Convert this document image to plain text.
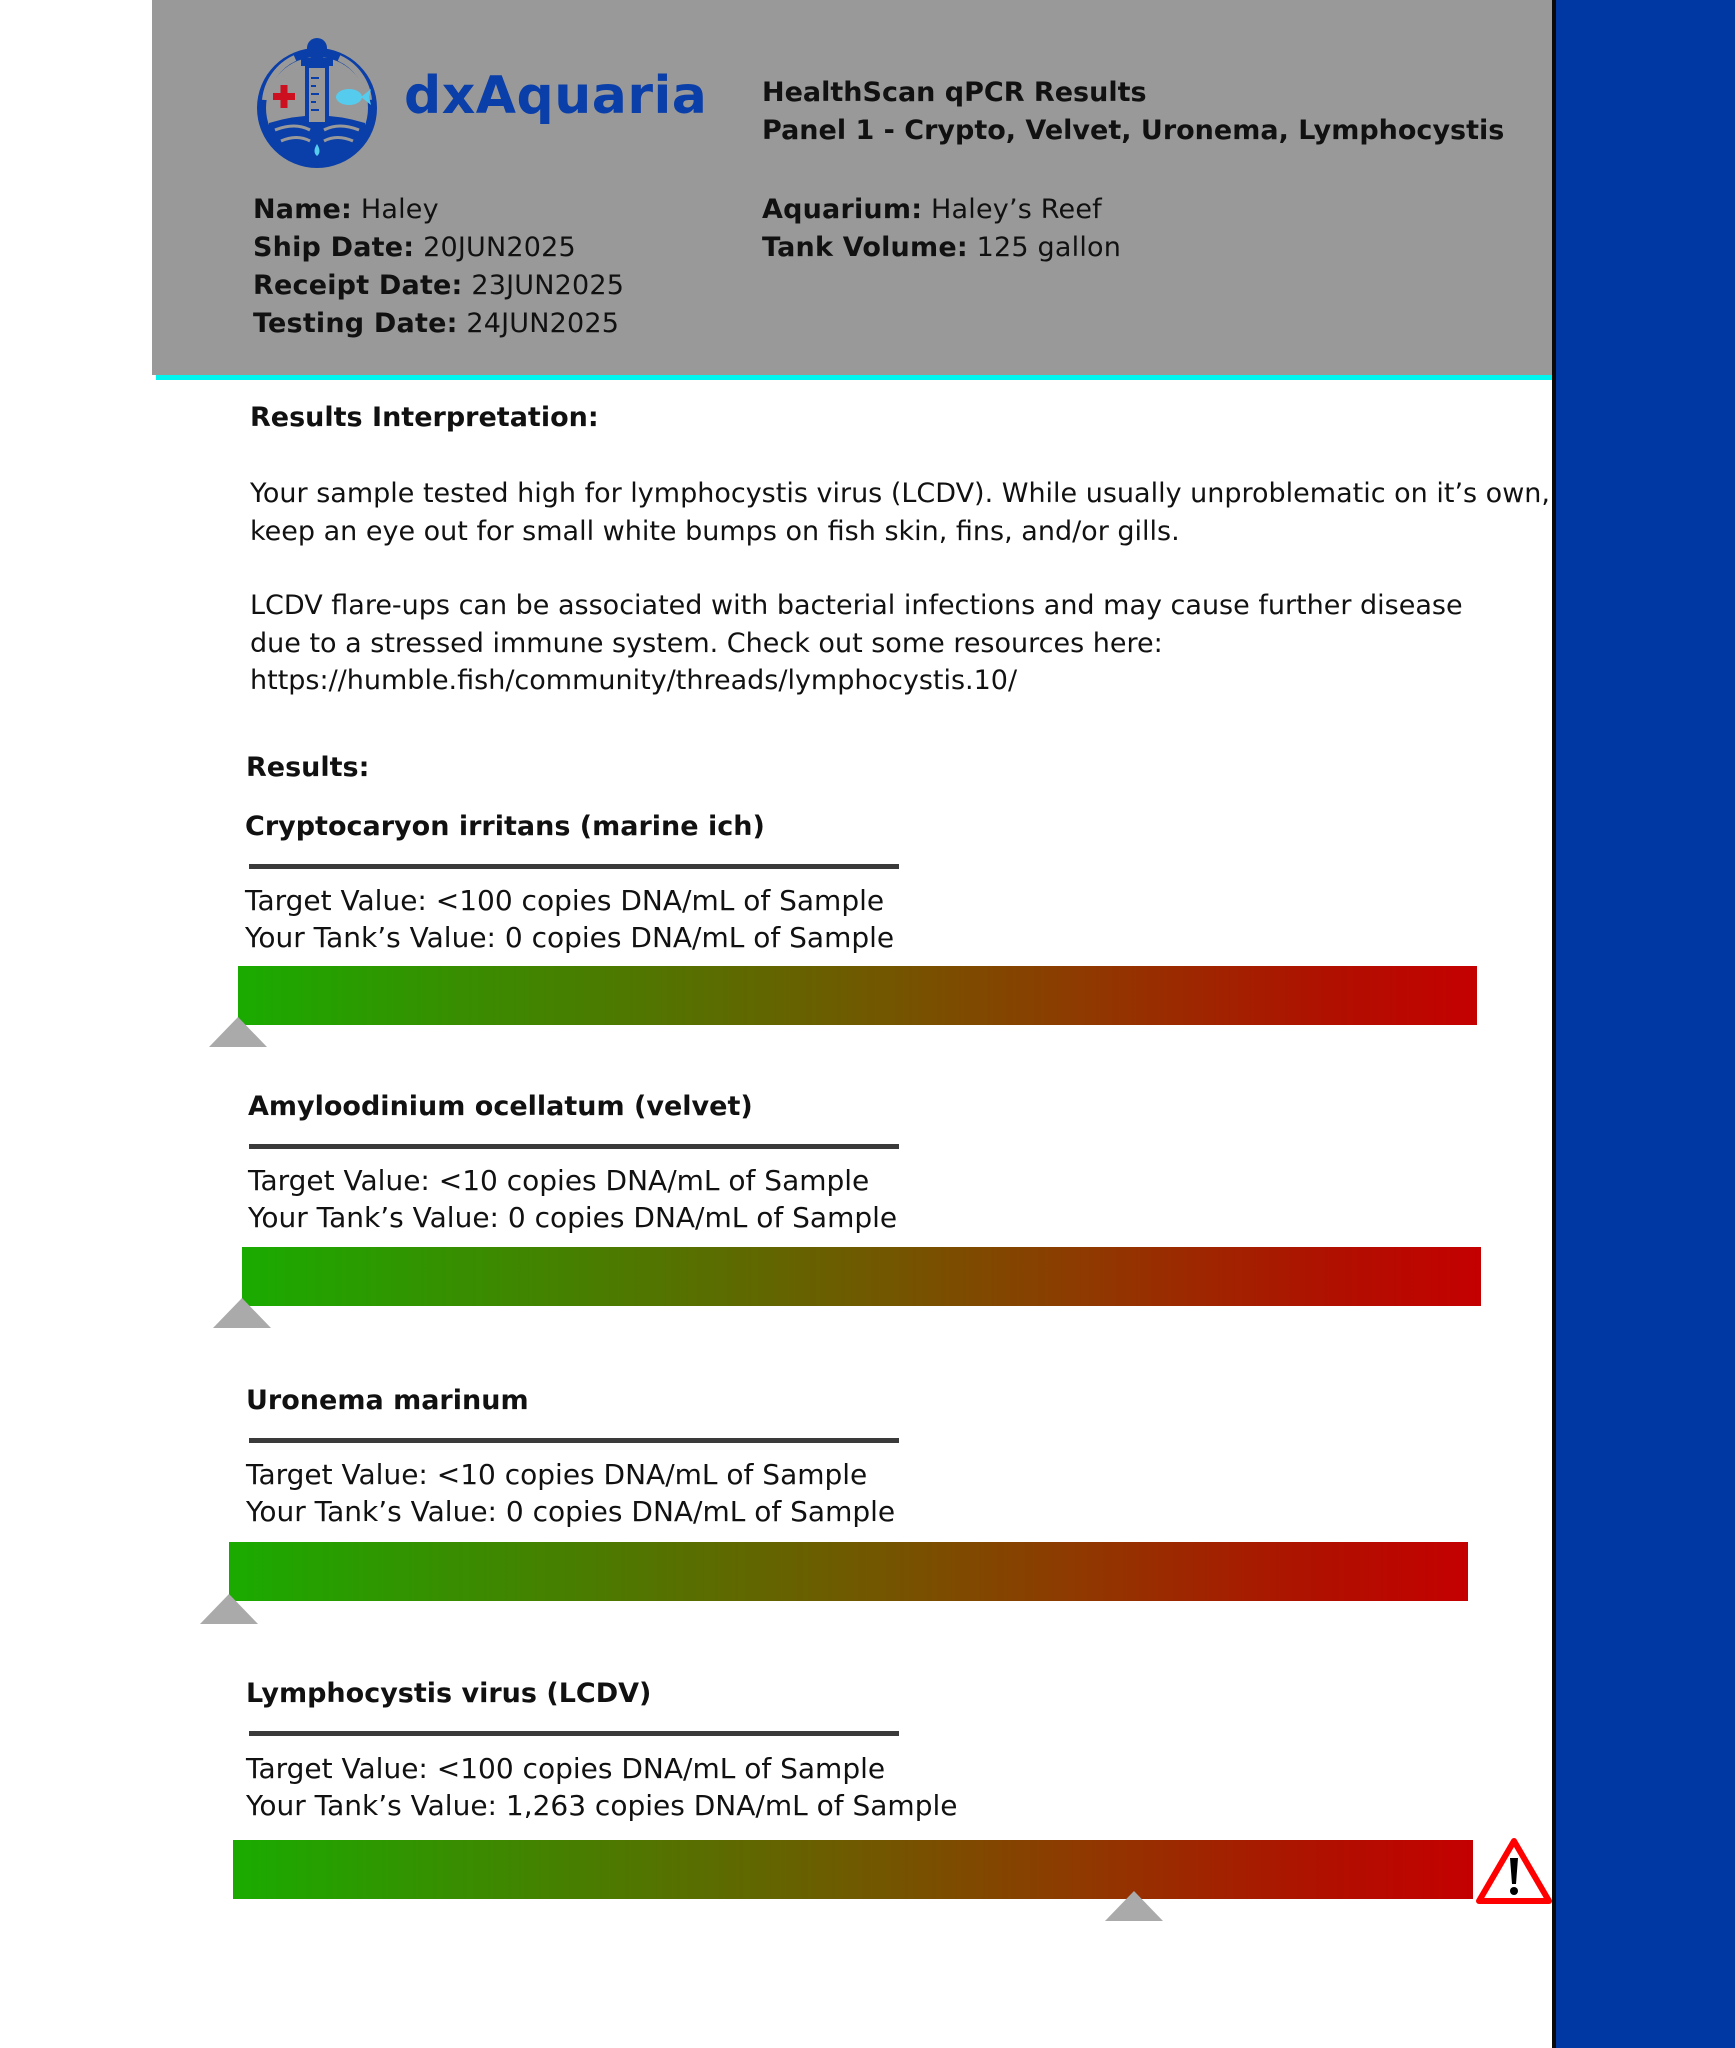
dxAquaria HealthScan qPCR Results
Panel 1 - Crypto, Velvet, Uronema, Lymphocystis
Name: Haley
Ship Date: 20JUN2025
Receipt Date: 23JUN2025
Testing Date: 24JUN2025
Aquarium: Haley’s Reef
Tank Volume: 125 gallon
Results Interpretation:
Your sample tested high for lymphocystis virus (LCDV). While usually unproblematic on it’s own,
keep an eye out for small white bumps on fish skin, fins, and/or gills.
LCDV flare-ups can be associated with bacterial infections and may cause further disease
due to a stressed immune system. Check out some resources here:
https://humble.fish/community/threads/lymphocystis.10/
Results:
Cryptocaryon irritans (marine ich)
Target Value: <100 copies DNA/mL of Sample
Your Tank’s Value: 0 copies DNA/mL of Sample
Amyloodinium ocellatum (velvet)
Target Value: <10 copies DNA/mL of Sample
Your Tank’s Value: 0 copies DNA/mL of Sample
Uronema marinum
Target Value: <10 copies DNA/mL of Sample
Your Tank’s Value: 0 copies DNA/mL of Sample
Lymphocystis virus (LCDV)
Target Value: <100 copies DNA/mL of Sample
Your Tank’s Value: 1,263 copies DNA/mL of Sample
